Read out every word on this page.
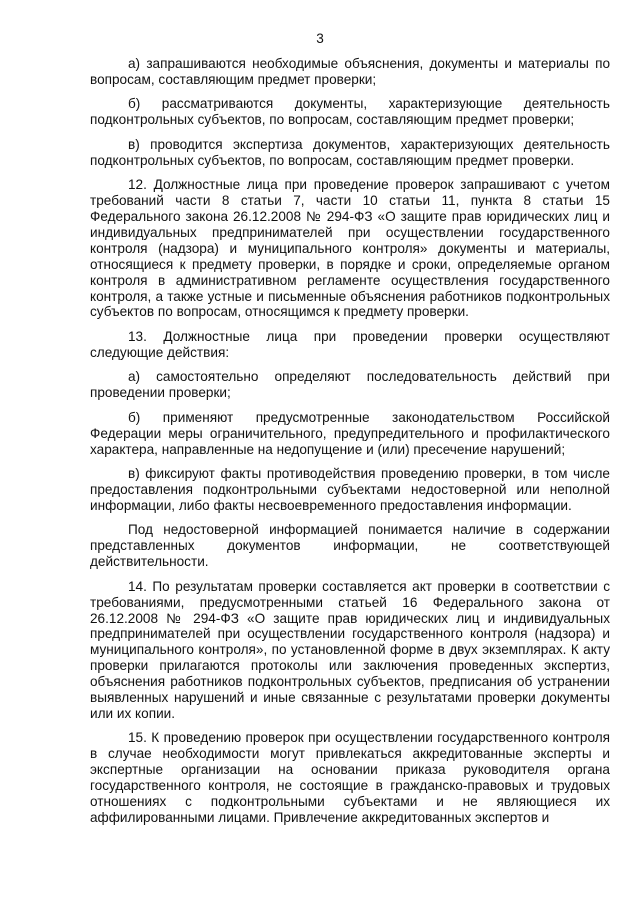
3

а) запрашиваются необходимые объяснения, документы и материалы по вопросам, составляющим предмет проверки;

б) рассматриваются документы, характеризующие деятельность подконтрольных субъектов, по вопросам, составляющим предмет проверки;

в) проводится экспертиза документов, характеризующих деятельность подконтрольных субъектов, по вопросам, составляющим предмет проверки.

12. Должностные лица при проведение проверок запрашивают с учетом требований части 8 статьи 7, части 10 статьи 11, пункта 8 статьи 15 Федерального закона 26.12.2008 № 294-ФЗ «О защите прав юридических лиц и индивидуальных предпринимателей при осуществлении государственного контроля (надзора) и муниципального контроля» документы и материалы, относящиеся к предмету проверки, в порядке и сроки, определяемые органом контроля в административном регламенте осуществления государственного контроля, а также устные и письменные объяснения работников подконтрольных субъектов по вопросам, относящимся к предмету проверки.

13. Должностные лица при проведении проверки осуществляют следующие действия:

а) самостоятельно определяют последовательность действий при проведении проверки;

б) применяют предусмотренные законодательством Российской Федерации меры ограничительного, предупредительного и профилактического характера, направленные на недопущение и (или) пресечение нарушений;

в) фиксируют факты противодействия проведению проверки, в том числе предоставления подконтрольными субъектами недостоверной или неполной информации, либо факты несвоевременного предоставления информации.

Под недостоверной информацией понимается наличие в содержании представленных документов информации, не соответствующей действительности.

14. По результатам проверки составляется акт проверки в соответствии с требованиями, предусмотренными статьей 16 Федерального закона от 26.12.2008 № 294-ФЗ «О защите прав юридических лиц и индивидуальных предпринимателей при осуществлении государственного контроля (надзора) и муниципального контроля», по установленной форме в двух экземплярах. К акту проверки прилагаются протоколы или заключения проведенных экспертиз, объяснения работников подконтрольных субъектов, предписания об устранении выявленных нарушений и иные связанные с результатами проверки документы или их копии.

15. К проведению проверок при осуществлении государственного контроля в случае необходимости могут привлекаться аккредитованные эксперты и экспертные организации на основании приказа руководителя органа государственного контроля, не состоящие в гражданско-правовых и трудовых отношениях с подконтрольными субъектами и не являющиеся их аффилированными лицами. Привлечение аккредитованных экспертов и
